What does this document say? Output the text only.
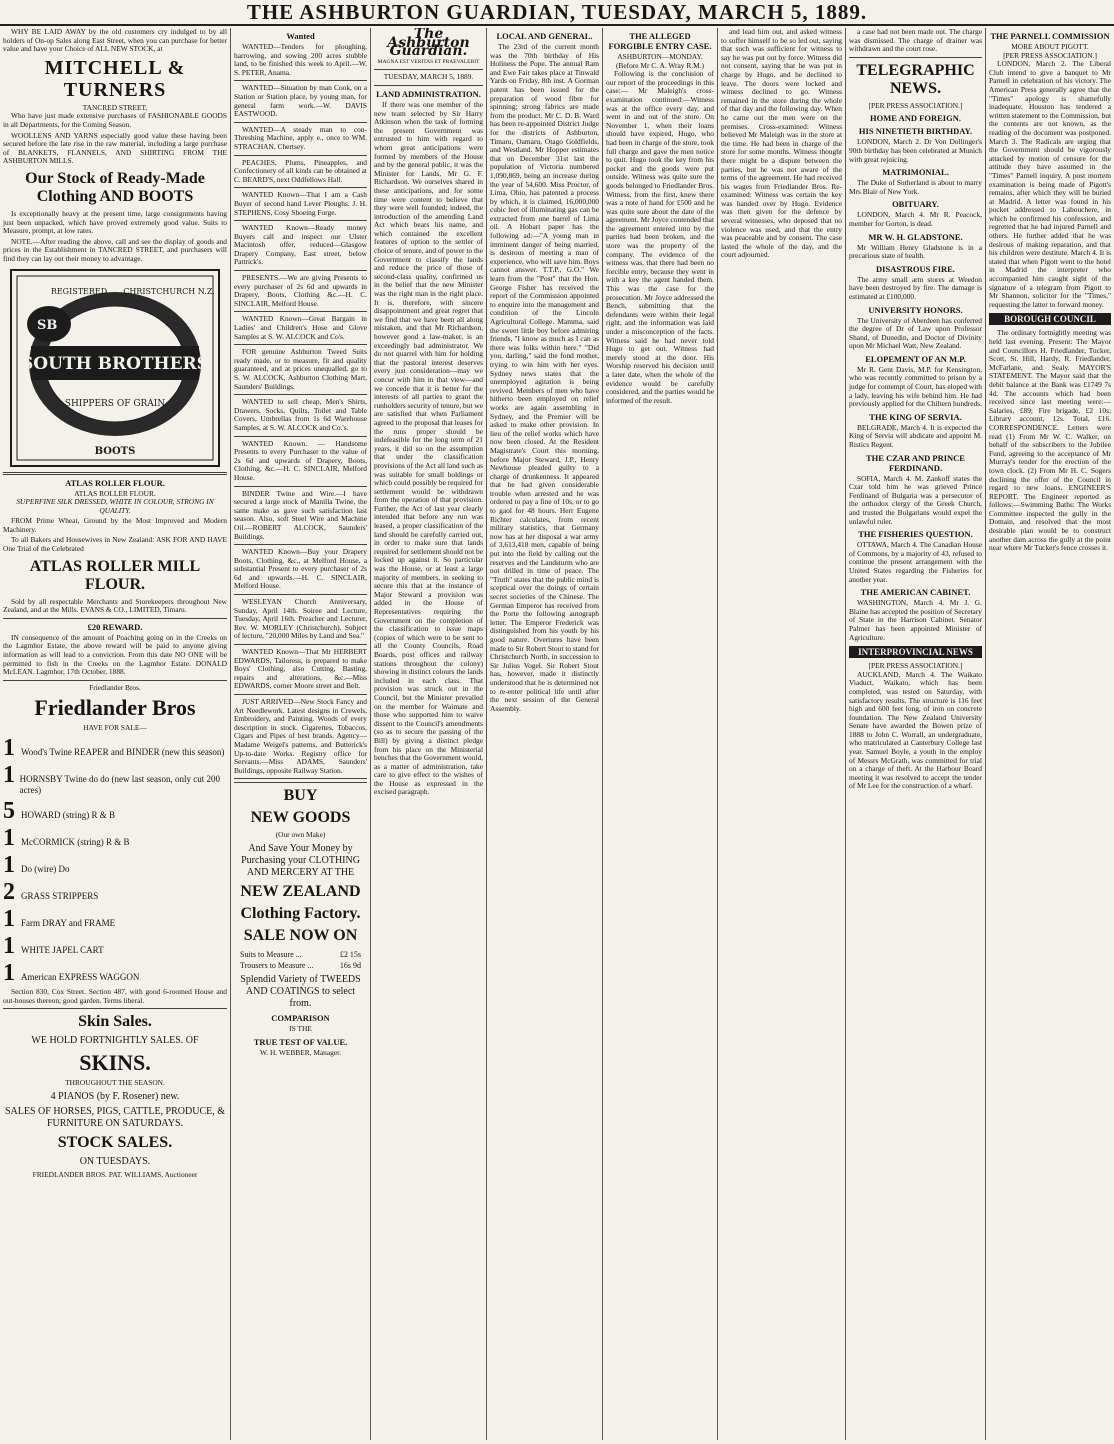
THE ASHBURTON GUARDIAN, TUESDAY, MARCH 5, 1889.

WHY BE LAID AWAY by the old customers cry indulged to by all holders of On-op Sales along East Street, when you can purchase for better value and have your Choice of ALL NEW STOCK, at

MITCHELL & TURNERS
TANCRED STREET,

Who have just made extensive purchases of FASHIONABLE GOODS in all Departments, for the Coming Season.

WOOLLENS AND YARNS especially good value these having been secured before the late rise in the raw material, including a large purchase of BLANKETS, FLANNELS, AND SHIRTING FROM THE ASHBURTON MILLS.

Our Stock of Ready-Made Clothing AND BOOTS

Is exceptionally heavy at the present time, large consignments having just been unpacked, which have proved extremely good value. Suits to Measure, prompt, at low rates.

NOTE.—After reading the above, call and see the display of goods and prices in the Establishment in TANCRED STREET, and purchasers will find they can lay out their money to advantage.

SB
SOUTH BROTHERS
REGISTERED CHRISTCHURCH N.Z.
SHIPPERS OF GRAIN
BOOTS
ATLAS ROLLER FLOUR.
ATLAS ROLLER FLOUR.

SUPERFINE SILK DRESSED, WHITE IN COLOUR, STRONG IN QUALITY.

FROM Prime Wheat, Ground by the Most Improved and Modern Machinery.

To all Bakers and Housewives in New Zealand: ASK FOR AND HAVE One Trial of the Celebrated

ATLAS ROLLER MILL FLOUR.

Sold by all respectable Merchants and Storekeepers throughout New Zealand, and at the Mills. EVANS & CO., LIMITED, Timaru.

£20 REWARD.

IN consequence of the amount of Poaching going on in the Creeks on the Lagmhor Estate, the above reward will be paid to anyone giving information as will lead to a conviction. From this date NO ONE will be permitted to fish in the Creeks on the Lagmhor Estate. DONALD McLEAN. Lagmhor, 17th October, 1888.

Friedlander Bros.
Friedlander Bros
HAVE FOR SALE—
1 Wood's Twine REAPER and BINDER (new this season)
1 HORNSBY Twine do do (new last season, only cut 200 acres)
5 HOWARD (string) R & B
1 McCORMICK (string) R & B
1 Do (wire) Do
2 GRASS STRIPPERS
1 Farm DRAY and FRAME
1 WHITE JAPEL CART
1 American EXPRESS WAGGON

Section 830, Cox Street. Section 487, with good 6-roomed House and out-houses thereon; good garden. Terms liberal.

Skin Sales.
WE HOLD FORTNIGHTLY SALES. OF
SKINS.
THROUGHOUT THE SEASON.
4 PIANOS (by F. Rosener) new.
SALES OF HORSES, PIGS, CATTLE, PRODUCE, & FURNITURE ON SATURDAYS.
STOCK SALES.
ON TUESDAYS.
FRIEDLANDER BROS. PAT. WILLIAMS, Auctioneer
Wanted

WANTED—Tenders for ploughing, harrowing, and sowing 200 acres stubble land, to be finished this week to April.—W. S. PETER, Anama.

WANTED—Situation by man Cook, on a Station or Station place, by young man, for general farm work.—W. DAVIS EASTWOOD.

WANTED—A steady man to con- Threshing Machine, apply e., once to WM. STRACHAN, Chertsey.

PEACHES, Plums, Pineapples, and Confectionery of all kinds can be obtained at C. BEARD'S, next Oddfellows Hall.

WANTED Known—That I am a Cash Buyer of second hand Lever Ploughs. J. H. STEPHENS, Cosy Shoeing Forge.

WANTED Known—Ready money Buyers call and inspect our Ulster Macintosh offer, reduced—Glasgow Drapery Company, East street, below Pattrick's.

PRESENTS.—We are giving Presents to every purchaser of 2s 6d and upwards in Drapery, Boots, Clothing &c.—H. C. SINCLAIR, Melford House.

WANTED Known—Great Bargain in Ladies' and Children's Hose and Glove Samples at S. W. ALCOCK and Co's.

FOR genuine Ashburton Tweed Suits ready made, or to measure, fit and quality guaranteed, and at prices unequalled, go to S. W. ALCOCK, Ashburton Clothing Mart, Saunders' Buildings.

WANTED to sell cheap, Men's Shirts, Drawers, Socks, Quilts, Toilet and Table Covers, Umbrellas from 1s 6d Warehouse Samples, at S. W. ALCOCK and Co.'s.

WANTED Known. — Handsome Presents to every Purchaser to the value of 2s 6d and upwards of Drapery, Boots, Clothing, &c.—H. C. SINCLAIR, Melford House.

BINDER Twine and Wire.—I have secured a large stock of Manilla Twine, the same make as gave such satisfaction last season. Also, soft Steel Wire and Machine Oil.—ROBERT ALCOCK, Saunders' Buildings.

WANTED Known—Buy your Drapery Boots, Clothing, &c., at Melford House, a substantial Present to every purchaser of 2s 6d and upwards.—H. C. SINCLAIR, Melford House.

WESLEYAN Church Anniversary, Sunday, April 14th. Soiree and Lecture, Tuesday, April 16th. Preacher and Lecturer, Rev. W. MORLEY (Christchurch). Subject of lecture, "20,000 Miles by Land and Sea."

WANTED Known—That Mr HERBERT EDWARDS, Tailoress, is prepared to make Boys' Clothing, also Cutting, Basting, repairs and alterations, &c.—Miss EDWARDS, corner Moore street and Belt.

JUST ARRIVED—New Stock Fancy and Art Needlework. Latest designs in Crewels, Embroidery, and Painting. Woods of every description in stock. Cigarettes, Tobaccos, Cigars and Pipes of best brands. Agency—Madame Weigel's patterns, and Butterick's Up-to-date Works. Registry office for Servants.—Miss ADAMS, Saunders' Buildings, opposite Railway Station.

BUY
NEW GOODS
(Our own Make)
And Save Your Money by Purchasing your CLOTHING AND MERCERY AT THE
NEW ZEALAND
Clothing Factory.
SALE NOW ON
Suits to Measure ...	£2 15s
Trousers to Measure ...	16s 9d
Splendid Variety of TWEEDS AND COATINGS to select from.
COMPARISON
IS THE
TRUE TEST OF VALUE.
W. H. WEBBER, Manager.
The Ashburton Guardian.
MAGNA EST VERITAS ET PRAEVALEBIT
TUESDAY, MARCH 5, 1889.
LAND ADMINISTRATION.

If there was one member of the new team selected by Sir Harry Atkinson when the task of forming the present Government was entrusted to him with regard to whom great anticipations were formed by members of the House and by the general public, it was the Minister for Lands, Mr G. F. Richardson. We ourselves shared in these anticipations, and for some time were content to believe that they were well founded; indeed, the introduction of the amending Land Act which bears his name, and which contained the excellent features of option to the settler of choice of tenure, and of power to the Government to classify the lands and reduce the price of those of second-class quality, confirmed us in the belief that the new Minister was the right man in the right place. It is, therefore, with sincere disappointment and great regret that we find that we have been all along mistaken, and that Mr Richardson, however good a law-maker, is an exceedingly bad administrator. We do not quarrel with him for holding that the pastoral interest deserves every just consideration—may we concur with him in that view—and we concede that it is better for the interests of all parties to grant the runholders security of tenure, but we are satisfied that when Parliament agreed to the proposal that leases for the runs proper should be indefeasible for the long term of 21 years, it did so on the assumption that under the classification provisions of the Act all land such as was suitable for small holdings or which could possibly be required for settlement would be withdrawn from the operation of that provision. Further, the Act of last year clearly intended that before any run was leased, a proper classification of the land should be carefully carried out, in order to make sure that lands required for settlement should not be locked up against it. So particular was the House, or at least a large majority of members, in seeking to secure this that at the instance of Major Steward a provision was added in the House of Representatives requiring the Government on the completion of the classification to issue maps (copies of which were to be sent to all the County Councils, Road Boards, post offices and railway stations throughout the colony) showing in distinct colours the lands included in each class. That provision was struck out in the Council, but the Minister prevailed on the member for Waimate and those who supported him to waive dissent to the Council's amendments (so as to secure the passing of the Bill) by giving a distinct pledge from his place on the Ministerial benches that the Government would, as a matter of administration, take care to give effect to the wishes of the House as expressed in the excised paragraph.

LOCAL AND GENERAL.

The 23rd of the current month was the 70th birthday of His Holiness the Pope. The annual Ram and Ewe Fair takes place at Tinwald Yards on Friday, 8th inst. A Gorman patent has been issued for the preparation of wood fibre for spinning; strong fabrics are made from the product. Mr C. D. B. Ward has been re-appointed District Judge for the districts of Ashburton, Timaru, Oamaru, Otago Goldfields, and Westland. Mr Hopper estimates that on December 31st last the population of Victoria numbered 1,090,869, being an increase during the year of 54,600. Miss Proctor, of Lima, Ohio, has patented a process by which, it is claimed, 16,000,000 cubic feet of illuminating gas can be extracted from one barrel of Lima oil. A Hobart paper has the following ad:—"A young man in imminent danger of being married, is desirous of meeting a man of experience, who will save him. Boys cannot answer. T.T.P., G.O." We learn from the "Post" that the Hon. George Fisher has received the report of the Commission appointed to enquire into the management and condition of the Lincoln Agricultural College. Mamma, said the sweet little boy before admiring friends, "I know as much as I can as there was folks within here." "Did you, darling," said the fond mother, trying to win him with her eyes. Sydney news states that the unemployed agitation is being revived. Members of men who have hitherto been employed on relief works are again assembling in Sydney, and the Premier will be asked to make other provision. In lieu of the relief works which have now been closed. At the Resident Magistrate's Court this morning, before Major Steward, J.P., Henry Newhouse pleaded guilty to a charge of drunkenness. It appeared that he had given considerable trouble when arrested and he was ordered to pay a fine of 10s, or to go to gaol for 48 hours. Herr Eugene Richter calculates, from recent military statistics, that Germany now has at her disposal a war army of 3,613,418 men, capable of being put into the field by calling out the reserves and the Landsturm who are not drilled in time of peace. The "Truth" states that the public mind is sceptical over the doings of certain secret societies of the Chinese. The German Emperor has received from the Porte the following autograph letter. The Emperor Frederick was distinguished from his youth by his good nature. Overtures have been made to Sir Robert Stout to stand for Christchurch North, in succession to Sir Julius Vogel. Sir Robert Stout has, however, made it distinctly understood that he is determined not to re-enter political life until after the next session of the General Assembly.

THE ALLEGED FORGIBLE ENTRY CASE.
ASHBURTON—MONDAY.
(Before Mr C. A. Wray R.M.)

Following is the conclusion of our report of the proceedings in this case:— Mr Maleigh's cross-examination continued:—Witness was at the office every day, and went in and out of the store. On November 1, when their loans should have expired, Hugo, who had been in charge of the store, took full charge and gave the men notice to quit. Hugo took the key from his pocket and the goods were put outside. Witness was quite sure the goods belonged to Friedlander Bros. Witness, from the first, knew there was a note of hand for £500 and he was quite sure about the date of the agreement. Mr Joyce contended that the agreement entered into by the parties had been broken, and the store was the property of the company. The evidence of the witness was, that there had been no forcible entry, because they went in with a key the agent handed them. This was the case for the prosecution. Mr Joyce addressed the Bench, submitting that the defendants were within their legal right, and the information was laid under a misconception of the facts. Witness said he had never told Hugo to get out. Witness had merely stood at the door. His Worship reserved his decision until a later date, when the whole of the evidence would be carefully considered, and the parties would be informed of the result.

and lead him out, and asked witness to suffer himself to be so led out, saying that such was sufficient for witness to say he was put out by force. Witness did not consent, saying that he was put in charge by Hugo, and he declined to leave. The doors were locked and witness declined to go. Witness remained in the store during the whole of that day and the following day. When he came out the men were on the premises. Cross-examined: Witness believed Mr Maleigh was in the store at the time. He had been in charge of the store for some months. Witness thought there might be a dispute between the parties, but he was not aware of the terms of the agreement. He had received his wages from Friedlander Bros. Re-examined: Witness was certain the key was handed over by Hugo. Evidence was then given for the defence by several witnesses, who deposed that no violence was used, and that the entry was peaceable and by consent. The case lasted the whole of the day, and the court adjourned.

a case had not been made out. The charge was dismissed. The charge of drainer was withdrawn and the court rose.

TELEGRAPHIC NEWS.
[PER PRESS ASSOCIATION.]
HOME AND FOREIGN.
HIS NINETIETH BIRTHDAY.

LONDON, March 2. Dr Von Dollinger's 90th birthday has been celebrated at Munich with great rejoicing.

MATRIMONIAL.

The Duke of Sutherland is about to marry Mrs Blair of New York.

OBITUARY.

LONDON, March 4. Mr R. Peacock, member for Gorton, is dead.

MR W. H. GLADSTONE.

Mr William Henry Gladstone is in a precarious state of health.

DISASTROUS FIRE.

The army small arm stores at Weedon have been destroyed by fire. The damage is estimated at £100,000.

UNIVERSITY HONORS.

The University of Aberdeen has conferred the degree of Dr of Law upon Professor Shand, of Dunedin, and Doctor of Divinity upon Mr Michael Watt, New Zealand.

ELOPEMENT OF AN M.P.

Mr R. Gent Davis, M.P. for Kensington, who was recently committed to prison by a judge for contempt of Court, has eloped with a lady, leaving his wife behind him. He had previously applied for the Chiltern hundreds.

THE KING OF SERVIA.

BELGRADE, March 4. It is expected the King of Servia will abdicate and appoint M. Ristics Regent.

THE CZAR AND PRINCE FERDINAND.

SOFIA, March 4. M. Zankoff states the Czar told him he was grieved Prince Ferdinand of Bulgaria was a persecutor of the orthodox clergy of the Greek Church, and trusted the Bulgarians would expel the unlawful ruler.

THE FISHERIES QUESTION.

OTTAWA, March 4. The Canadian House of Commons, by a majority of 43, refused to continue the present arrangement with the United States regarding the Fisheries for another year.

THE AMERICAN CABINET.

WASHINGTON, March 4. Mr J. G. Blaine has accepted the position of Secretary of State in the Harrison Cabinet. Senator Palmer has been appointed Minister of Agriculture.

INTERPROVINCIAL NEWS
[PER PRESS ASSOCIATION.]

AUCKLAND, March 4. The Waikato Viaduct, Waikato, which has been completed, was tested on Saturday, with satisfactory results. The structure is 116 feet high and 600 feet long, of iron on concrete foundation. The New Zealand University Senate have awarded the Bowen prize of 1888 to John C. Worrall, an undergraduate, who matriculated at Canterbury College last year. Samuel Boyle, a youth in the employ of Messrs McGrath, was committed for trial on a charge of theft. At the Harbour Board meeting it was resolved to accept the tender of Mr Lee for the construction of a wharf.

THE PARNELL COMMISSION
MORE ABOUT PIGOTT.
[PER PRESS ASSOCIATION.]

LONDON, March 2. The Liberal Club intend to give a banquet to Mr Parnell in celebration of his victory. The American Press generally agree that the "Times" apology is shamefully inadequate. Houston has tendered a written statement to the Commission, but the contents are not known, as the reading of the document was postponed. March 3. The Radicals are urging that the Government should be vigorously attacked by motion of censure for the attitude they have assumed in the "Times" Parnell inquiry. A post mortem examination is being made of Pigott's remains, after which they will be buried at Madrid. A letter was found in his pocket addressed to Labouchere, in which he confirmed his confession, and regretted that he had injured Parnell and others. He further added that he was desirous of making reparation, and that his children were destitute. March 4. It is stated that when Pigott went to the hotel in Madrid the interpreter who accompanied him caught sight of the signature of a telegram from Pigott to Mr Shannon, solicitor for the "Times," requesting the latter to forward money.

BOROUGH COUNCIL

The ordinary fortnightly meeting was held last evening. Present: The Mayor and Councillors H. Friedlander, Tucker, Scott, St. Hill, Hardy, R. Friedlander, McFarlane, and Sealy. MAYOR'S STATEMENT. The Mayor said that the debit balance at the Bank was £1749 7s 4d. The accounts which had been received since last meeting were:—Salaries, £89; Fire brigade, £2 10s; Library account, 12s. Total, £16. CORRESPONDENCE. Letters were read (1) From Mr W. C. Walker, on behalf of the subscribers to the Jubilee Fund, agreeing to the acceptance of Mr Murray's tender for the erection of the town clock. (2) From Mr H. C. Sogers declining the offer of the Council in regard to new loans. ENGINEER'S REPORT. The Engineer reported as follows:—Swimming Baths: The Works Committee inspected the gully in the Domain, and resolved that the most desirable plan would be to construct another dam across the gully at the point near where Mr Tucker's fence crosses it.
